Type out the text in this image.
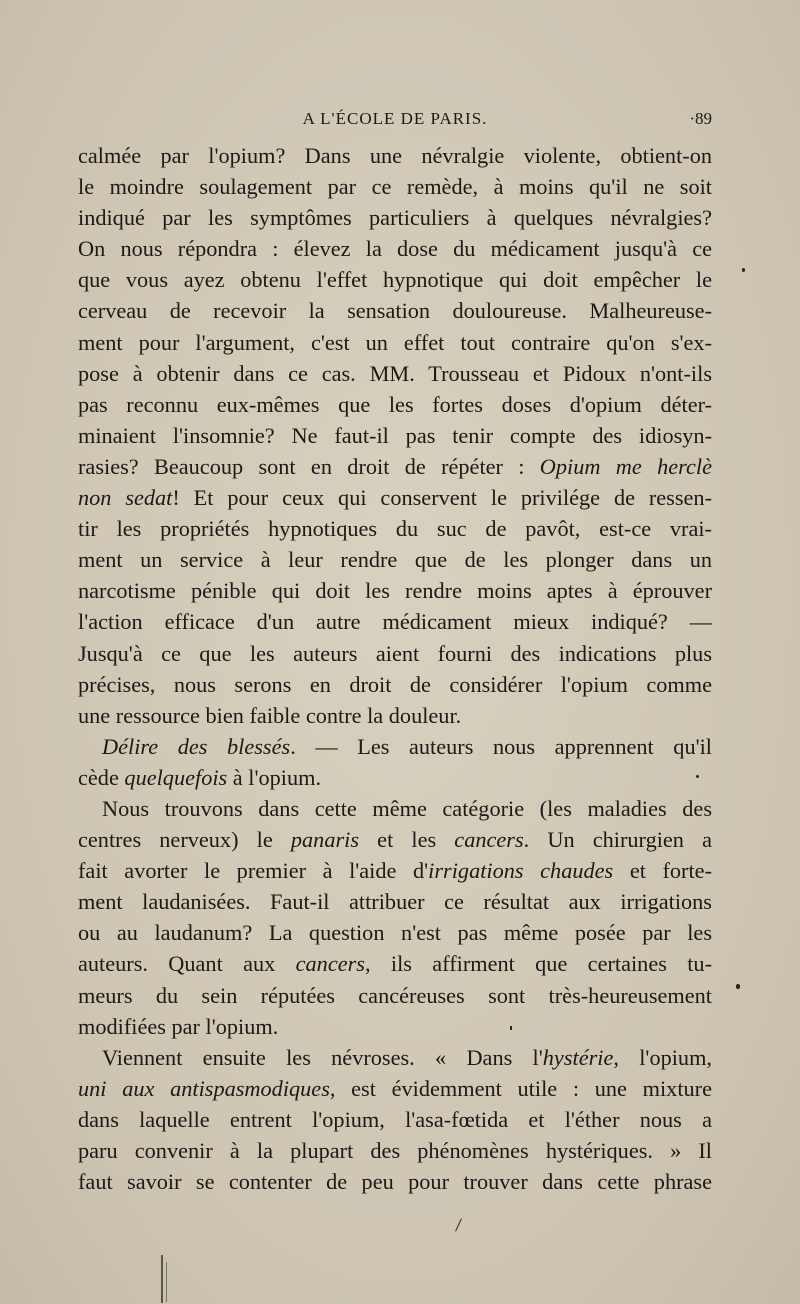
A L'ÉCOLE DE PARIS.	·89
calmée par l'opium? Dans une névralgie violente, obtient-on
le moindre soulagement par ce remède, à moins qu'il ne soit
indiqué par les symptômes particuliers à quelques névralgies?
On nous répondra : élevez la dose du médicament jusqu'à ce
que vous ayez obtenu l'effet hypnotique qui doit empêcher le
cerveau de recevoir la sensation douloureuse. Malheureuse-
ment pour l'argument, c'est un effet tout contraire qu'on s'ex-
pose à obtenir dans ce cas. MM. Trousseau et Pidoux n'ont-ils
pas reconnu eux-mêmes que les fortes doses d'opium déter-
minaient l'insomnie? Ne faut-il pas tenir compte des idiosyn-
rasies? Beaucoup sont en droit de répéter : Opium me herclè
non sedat! Et pour ceux qui conservent le privilége de ressen-
tir les propriétés hypnotiques du suc de pavôt, est-ce vrai-
ment un service à leur rendre que de les plonger dans un
narcotisme pénible qui doit les rendre moins aptes à éprouver
l'action efficace d'un autre médicament mieux indiqué? —
Jusqu'à ce que les auteurs aient fourni des indications plus
précises, nous serons en droit de considérer l'opium comme
une ressource bien faible contre la douleur.
Délire des blessés. — Les auteurs nous apprennent qu'il
cède quelquefois à l'opium.
Nous trouvons dans cette même catégorie (les maladies des
centres nerveux) le panaris et les cancers. Un chirurgien a
fait avorter le premier à l'aide d'irrigations chaudes et forte-
ment laudanisées. Faut-il attribuer ce résultat aux irrigations
ou au laudanum? La question n'est pas même posée par les
auteurs. Quant aux cancers, ils affirment que certaines tu-
meurs du sein réputées cancéreuses sont très-heureusement
modifiées par l'opium.
Viennent ensuite les névroses. « Dans l'hystérie, l'opium,
uni aux antispasmodiques, est évidemment utile : une mixture
dans laquelle entrent l'opium, l'asa-fœtida et l'éther nous a
paru convenir à la plupart des phénomènes hystériques. » Il
faut savoir se contenter de peu pour trouver dans cette phrase
